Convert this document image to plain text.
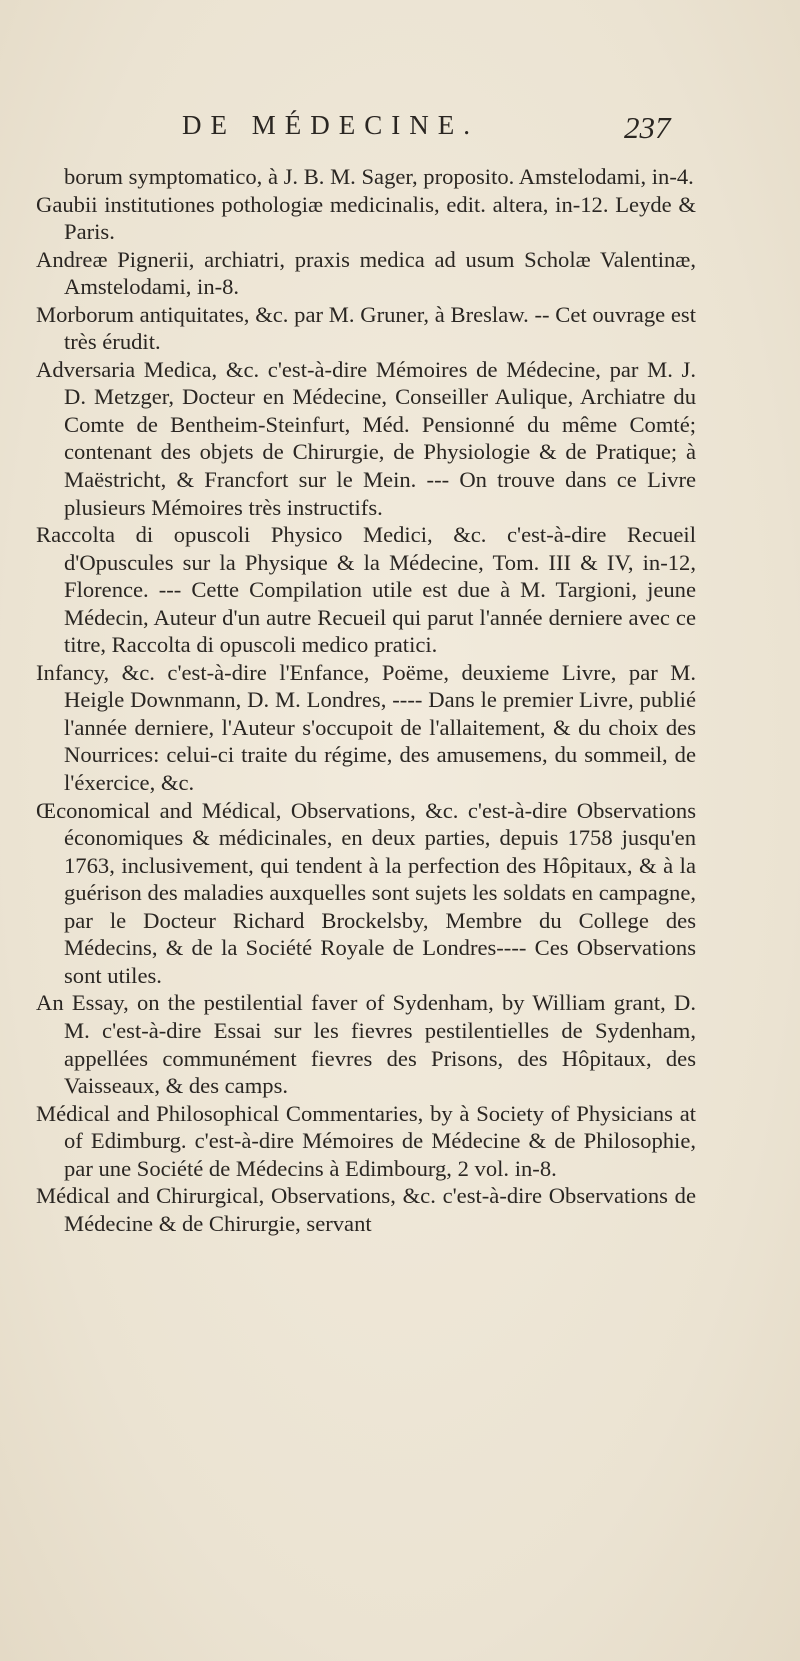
DE MÉDECINE.	237

borum symptomatico, à J. B. M. Sager, proposito. Amstelodami, in-4.

Gaubii institutiones pothologiæ medicinalis, edit. altera, in-12. Leyde & Paris.

Andreæ Pignerii, archiatri, praxis medica ad usum Scholæ Valentinæ, Amstelodami, in-8.

Morborum antiquitates, &c. par M. Gruner, à Breslaw. -- Cet ouvrage est très érudit.

Adversaria Medica, &c. c'est-à-dire Mémoires de Médecine, par M. J. D. Metzger, Docteur en Médecine, Conseiller Aulique, Archiatre du Comte de Bentheim-Steinfurt, Méd. Pensionné du même Comté; contenant des objets de Chirurgie, de Physiologie & de Pratique; à Maëstricht, & Francfort sur le Mein. --- On trouve dans ce Livre plusieurs Mémoires très instructifs.

Raccolta di opuscoli Physico Medici, &c. c'est-à-dire Recueil d'Opuscules sur la Physique & la Médecine, Tom. III & IV, in-12, Florence. --- Cette Compilation utile est due à M. Targioni, jeune Médecin, Auteur d'un autre Recueil qui parut l'année derniere avec ce titre, Raccolta di opuscoli medico pratici.

Infancy, &c. c'est-à-dire l'Enfance, Poëme, deuxieme Livre, par M. Heigle Downmann, D. M. Londres, ---- Dans le premier Livre, publié l'année derniere, l'Auteur s'occupoit de l'allaitement, & du choix des Nourrices: celui-ci traite du régime, des amusemens, du sommeil, de l'éxercice, &c.

Œconomical and Médical, Observations, &c. c'est-à-dire Observations économiques & médicinales, en deux parties, depuis 1758 jusqu'en 1763, inclusivement, qui tendent à la perfection des Hôpitaux, & à la guérison des maladies auxquelles sont sujets les soldats en campagne, par le Docteur Richard Brockelsby, Membre du College des Médecins, & de la Société Royale de Londres---- Ces Observations sont utiles.

An Essay, on the pestilential faver of Sydenham, by William grant, D. M. c'est-à-dire Essai sur les fievres pestilentielles de Sydenham, appellées communément fievres des Prisons, des Hôpitaux, des Vaisseaux, & des camps.

Médical and Philosophical Commentaries, by à Society of Physicians at of Edimburg. c'est-à-dire Mémoires de Médecine & de Philosophie, par une Société de Médecins à Edimbourg, 2 vol. in-8.

Médical and Chirurgical, Observations, &c. c'est-à-dire Observations de Médecine & de Chirurgie, servant
